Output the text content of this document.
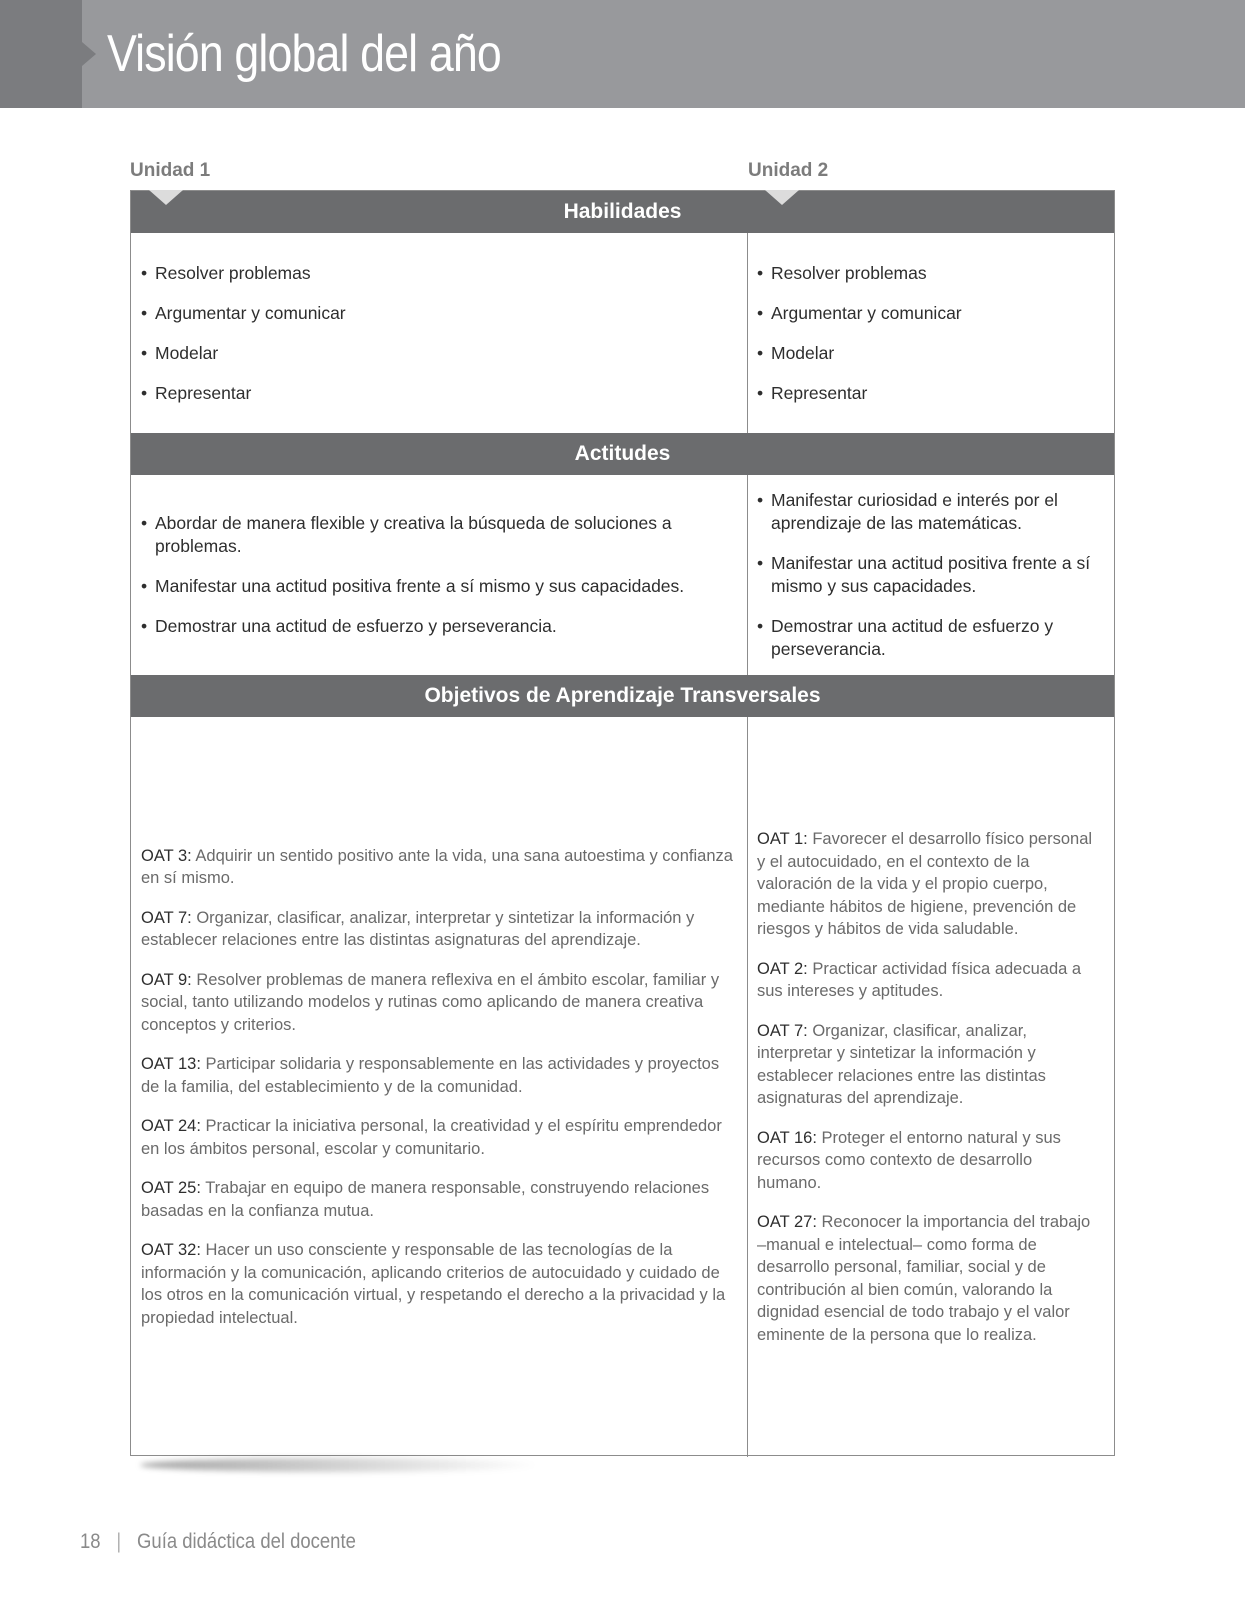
Visión global del año
Unidad 1	Unidad 2
Habilidades
• Resolver problemas
• Argumentar y comunicar
• Modelar
• Representar
• Resolver problemas
• Argumentar y comunicar
• Modelar
• Representar
Actitudes
• Abordar de manera flexible y creativa la búsqueda de soluciones a problemas.
• Manifestar una actitud positiva frente a sí mismo y sus capacidades.
• Demostrar una actitud de esfuerzo y perseverancia.
• Manifestar curiosidad e interés por el aprendizaje de las matemáticas.
• Manifestar una actitud positiva frente a sí mismo y sus capacidades.
• Demostrar una actitud de esfuerzo y perseverancia.
Objetivos de Aprendizaje Transversales

OAT 3: Adquirir un sentido positivo ante la vida, una sana autoestima y confianza en sí mismo.

OAT 7: Organizar, clasificar, analizar, interpretar y sintetizar la información y establecer relaciones entre las distintas asignaturas del aprendizaje.

OAT 9: Resolver problemas de manera reflexiva en el ámbito escolar, familiar y social, tanto utilizando modelos y rutinas como aplicando de manera creativa conceptos y criterios.

OAT 13: Participar solidaria y responsablemente en las actividades y proyectos de la familia, del establecimiento y de la comunidad.

OAT 24: Practicar la iniciativa personal, la creatividad y el espíritu emprendedor en los ámbitos personal, escolar y comunitario.

OAT 25: Trabajar en equipo de manera responsable, construyendo relaciones basadas en la confianza mutua.

OAT 32: Hacer un uso consciente y responsable de las tecnologías de la información y la comunicación, aplicando criterios de autocuidado y cuidado de los otros en la comunicación virtual, y respetando el derecho a la privacidad y la propiedad intelectual.

OAT 1: Favorecer el desarrollo físico personal y el autocuidado, en el contexto de la valoración de la vida y el propio cuerpo, mediante hábitos de higiene, prevención de riesgos y hábitos de vida saludable.

OAT 2: Practicar actividad física adecuada a sus intereses y aptitudes.

OAT 7: Organizar, clasificar, analizar, interpretar y sintetizar la información y establecer relaciones entre las distintas asignaturas del aprendizaje.

OAT 16: Proteger el entorno natural y sus recursos como contexto de desarrollo humano.

OAT 27: Reconocer la importancia del trabajo –manual e intelectual– como forma de desarrollo personal, familiar, social y de contribución al bien común, valorando la dignidad esencial de todo trabajo y el valor eminente de la persona que lo realiza.

18 | Guía didáctica del docente
